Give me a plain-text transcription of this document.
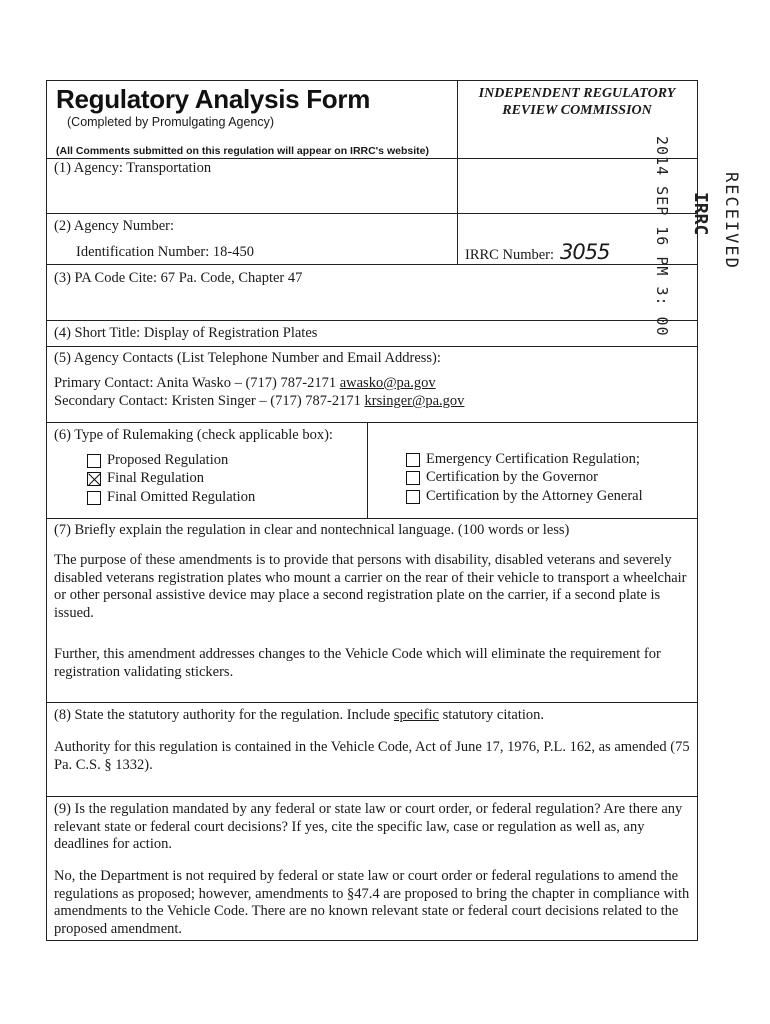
Regulatory Analysis Form
(Completed by Promulgating Agency)
(All Comments submitted on this regulation will appear on IRRC's website)
INDEPENDENT REGULATORY
REVIEW COMMISSION
(1) Agency: Transportation
(2) Agency Number:
Identification Number: 18-450	IRRC Number: 3055
(3) PA Code Cite: 67 Pa. Code, Chapter 47
(4) Short Title: Display of Registration Plates
(5) Agency Contacts (List Telephone Number and Email Address):
Primary Contact: Anita Wasko – (717) 787-2171 awasko@pa.gov
Secondary Contact: Kristen Singer – (717) 787-2171 krsinger@pa.gov
(6) Type of Rulemaking (check applicable box):
Proposed Regulation
Final Regulation
Final Omitted Regulation
Emergency Certification Regulation;
Certification by the Governor
Certification by the Attorney General
(7) Briefly explain the regulation in clear and nontechnical language. (100 words or less)
The purpose of these amendments is to provide that persons with disability, disabled veterans and severely disabled veterans registration plates who mount a carrier on the rear of their vehicle to transport a wheelchair or other personal assistive device may place a second registration plate on the carrier, if a second plate is issued.
Further, this amendment addresses changes to the Vehicle Code which will eliminate the requirement for registration validating stickers.
(8) State the statutory authority for the regulation. Include specific statutory citation.
Authority for this regulation is contained in the Vehicle Code, Act of June 17, 1976, P.L. 162, as amended (75 Pa. C.S. § 1332).
(9) Is the regulation mandated by any federal or state law or court order, or federal regulation? Are there any relevant state or federal court decisions? If yes, cite the specific law, case or regulation as well as, any deadlines for action.
No, the Department is not required by federal or state law or court order or federal regulations to amend the regulations as proposed; however, amendments to §47.4 are proposed to bring the chapter in compliance with amendments to the Vehicle Code. There are no known relevant state or federal court decisions related to the proposed amendment.
2014 SEP 16 PM 3: 00 IRRC RECEIVED
